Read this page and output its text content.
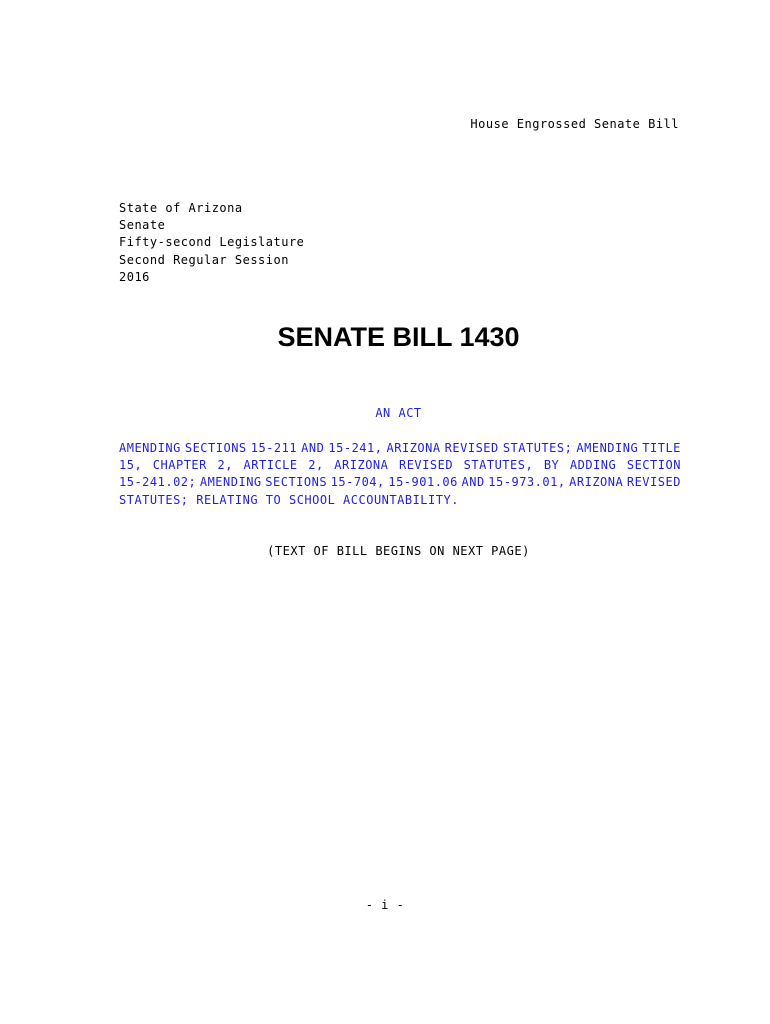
House Engrossed Senate Bill
State of Arizona
Senate
Fifty-second Legislature
Second Regular Session
2016
SENATE BILL 1430
AN ACT
AMENDING SECTIONS 15-211 AND 15-241, ARIZONA REVISED STATUTES; AMENDING TITLE
15, CHAPTER 2, ARTICLE 2, ARIZONA REVISED STATUTES, BY ADDING SECTION
15-241.02; AMENDING SECTIONS 15-704, 15-901.06 AND 15-973.01, ARIZONA REVISED
STATUTES; RELATING TO SCHOOL ACCOUNTABILITY.
(TEXT OF BILL BEGINS ON NEXT PAGE)
- i -
